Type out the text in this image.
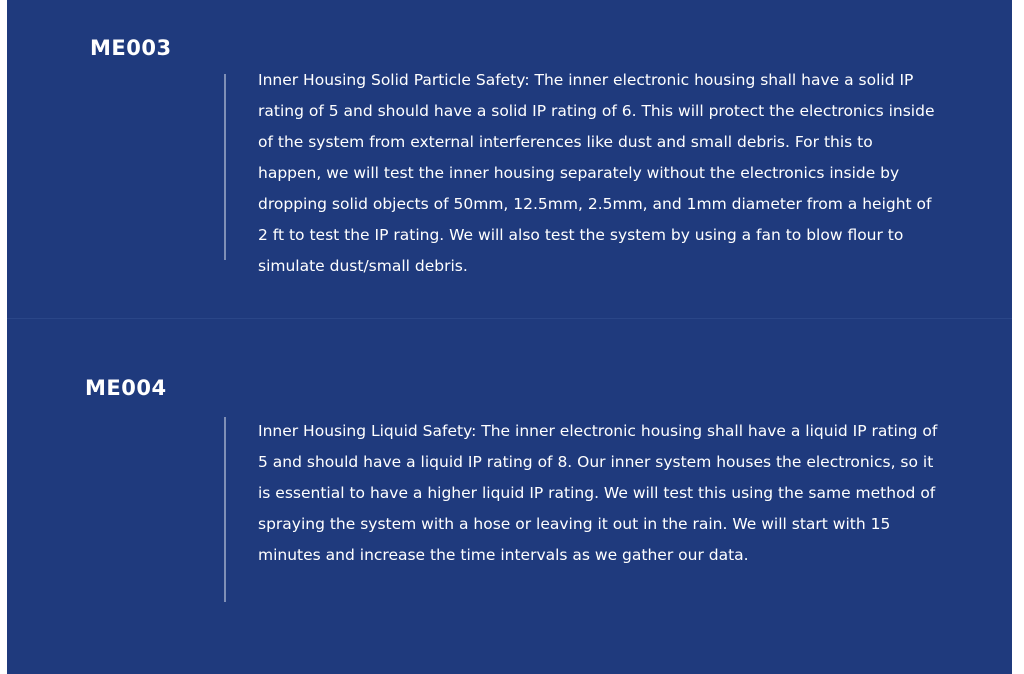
ME003

Inner Housing Solid Particle Safety: The inner electronic housing shall have a solid IP rating of 5 and should have a solid IP rating of 6. This will protect the electronics inside of the system from external interferences like dust and small debris. For this to happen, we will test the inner housing separately without the electronics inside by dropping solid objects of 50mm, 12.5mm, 2.5mm, and 1mm diameter from a height of 2 ft to test the IP rating. We will also test the system by using a fan to blow flour to simulate dust/small debris.

ME004

Inner Housing Liquid Safety: The inner electronic housing shall have a liquid IP rating of 5 and should have a liquid IP rating of 8. Our inner system houses the electronics, so it is essential to have a higher liquid IP rating. We will test this using the same method of spraying the system with a hose or leaving it out in the rain. We will start with 15 minutes and increase the time intervals as we gather our data.
